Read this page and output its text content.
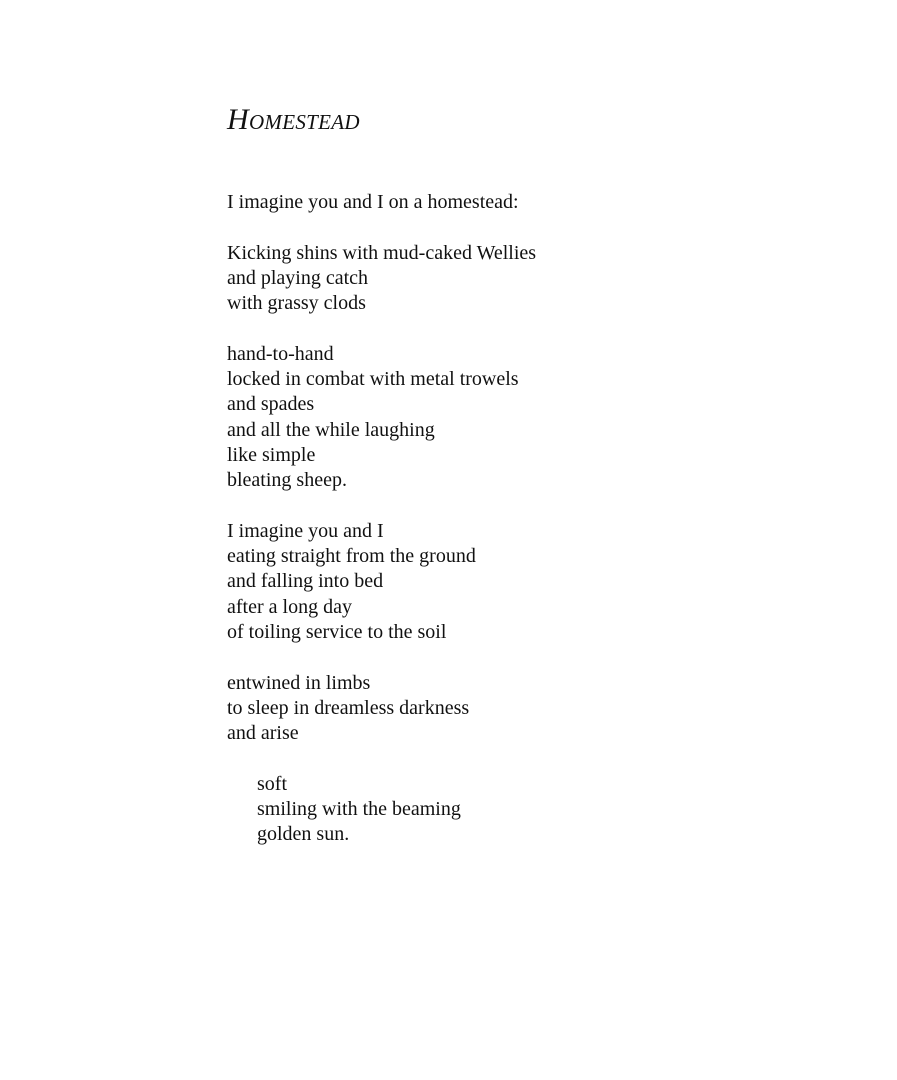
Homestead
I imagine you and I on a homestead:
Kicking shins with mud-caked Wellies
and playing catch
with grassy clods
hand-to-hand
locked in combat with metal trowels
and spades
and all the while laughing
like simple
bleating sheep.
I imagine you and I
eating straight from the ground
and falling into bed
after a long day
of toiling service to the soil
entwined in limbs
to sleep in dreamless darkness
and arise
soft
smiling with the beaming
golden sun.
